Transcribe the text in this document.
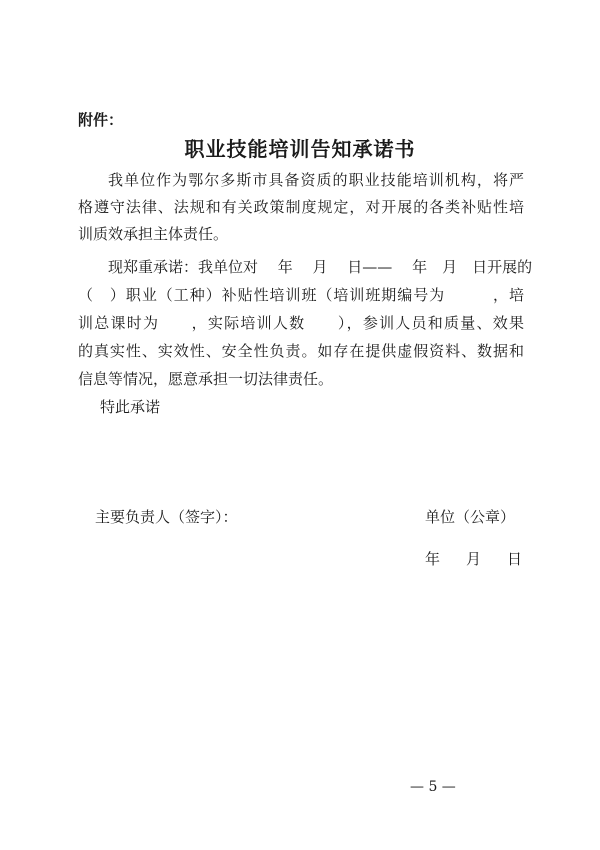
附件：
职业技能培训告知承诺书
我单位作为鄂尔多斯市具备资质的职业技能培训机构，将严
格遵守法律、法规和有关政策制度规定，对开展的各类补贴性培
训质效承担主体责任。
现郑重承诺：我单位对　 年　 月　 日——　 年　月　日开展的
（　）职业（工种）补贴性培训班（培训班期编号为　　　，培
训总课时为　　，实际培训人数　　），参训人员和质量、效果
的真实性、实效性、安全性负责。如存在提供虚假资料、数据和
信息等情况，愿意承担一切法律责任。
特此承诺
主要负责人（签字）：	单位（公章）
年 月 日
— 5 —
